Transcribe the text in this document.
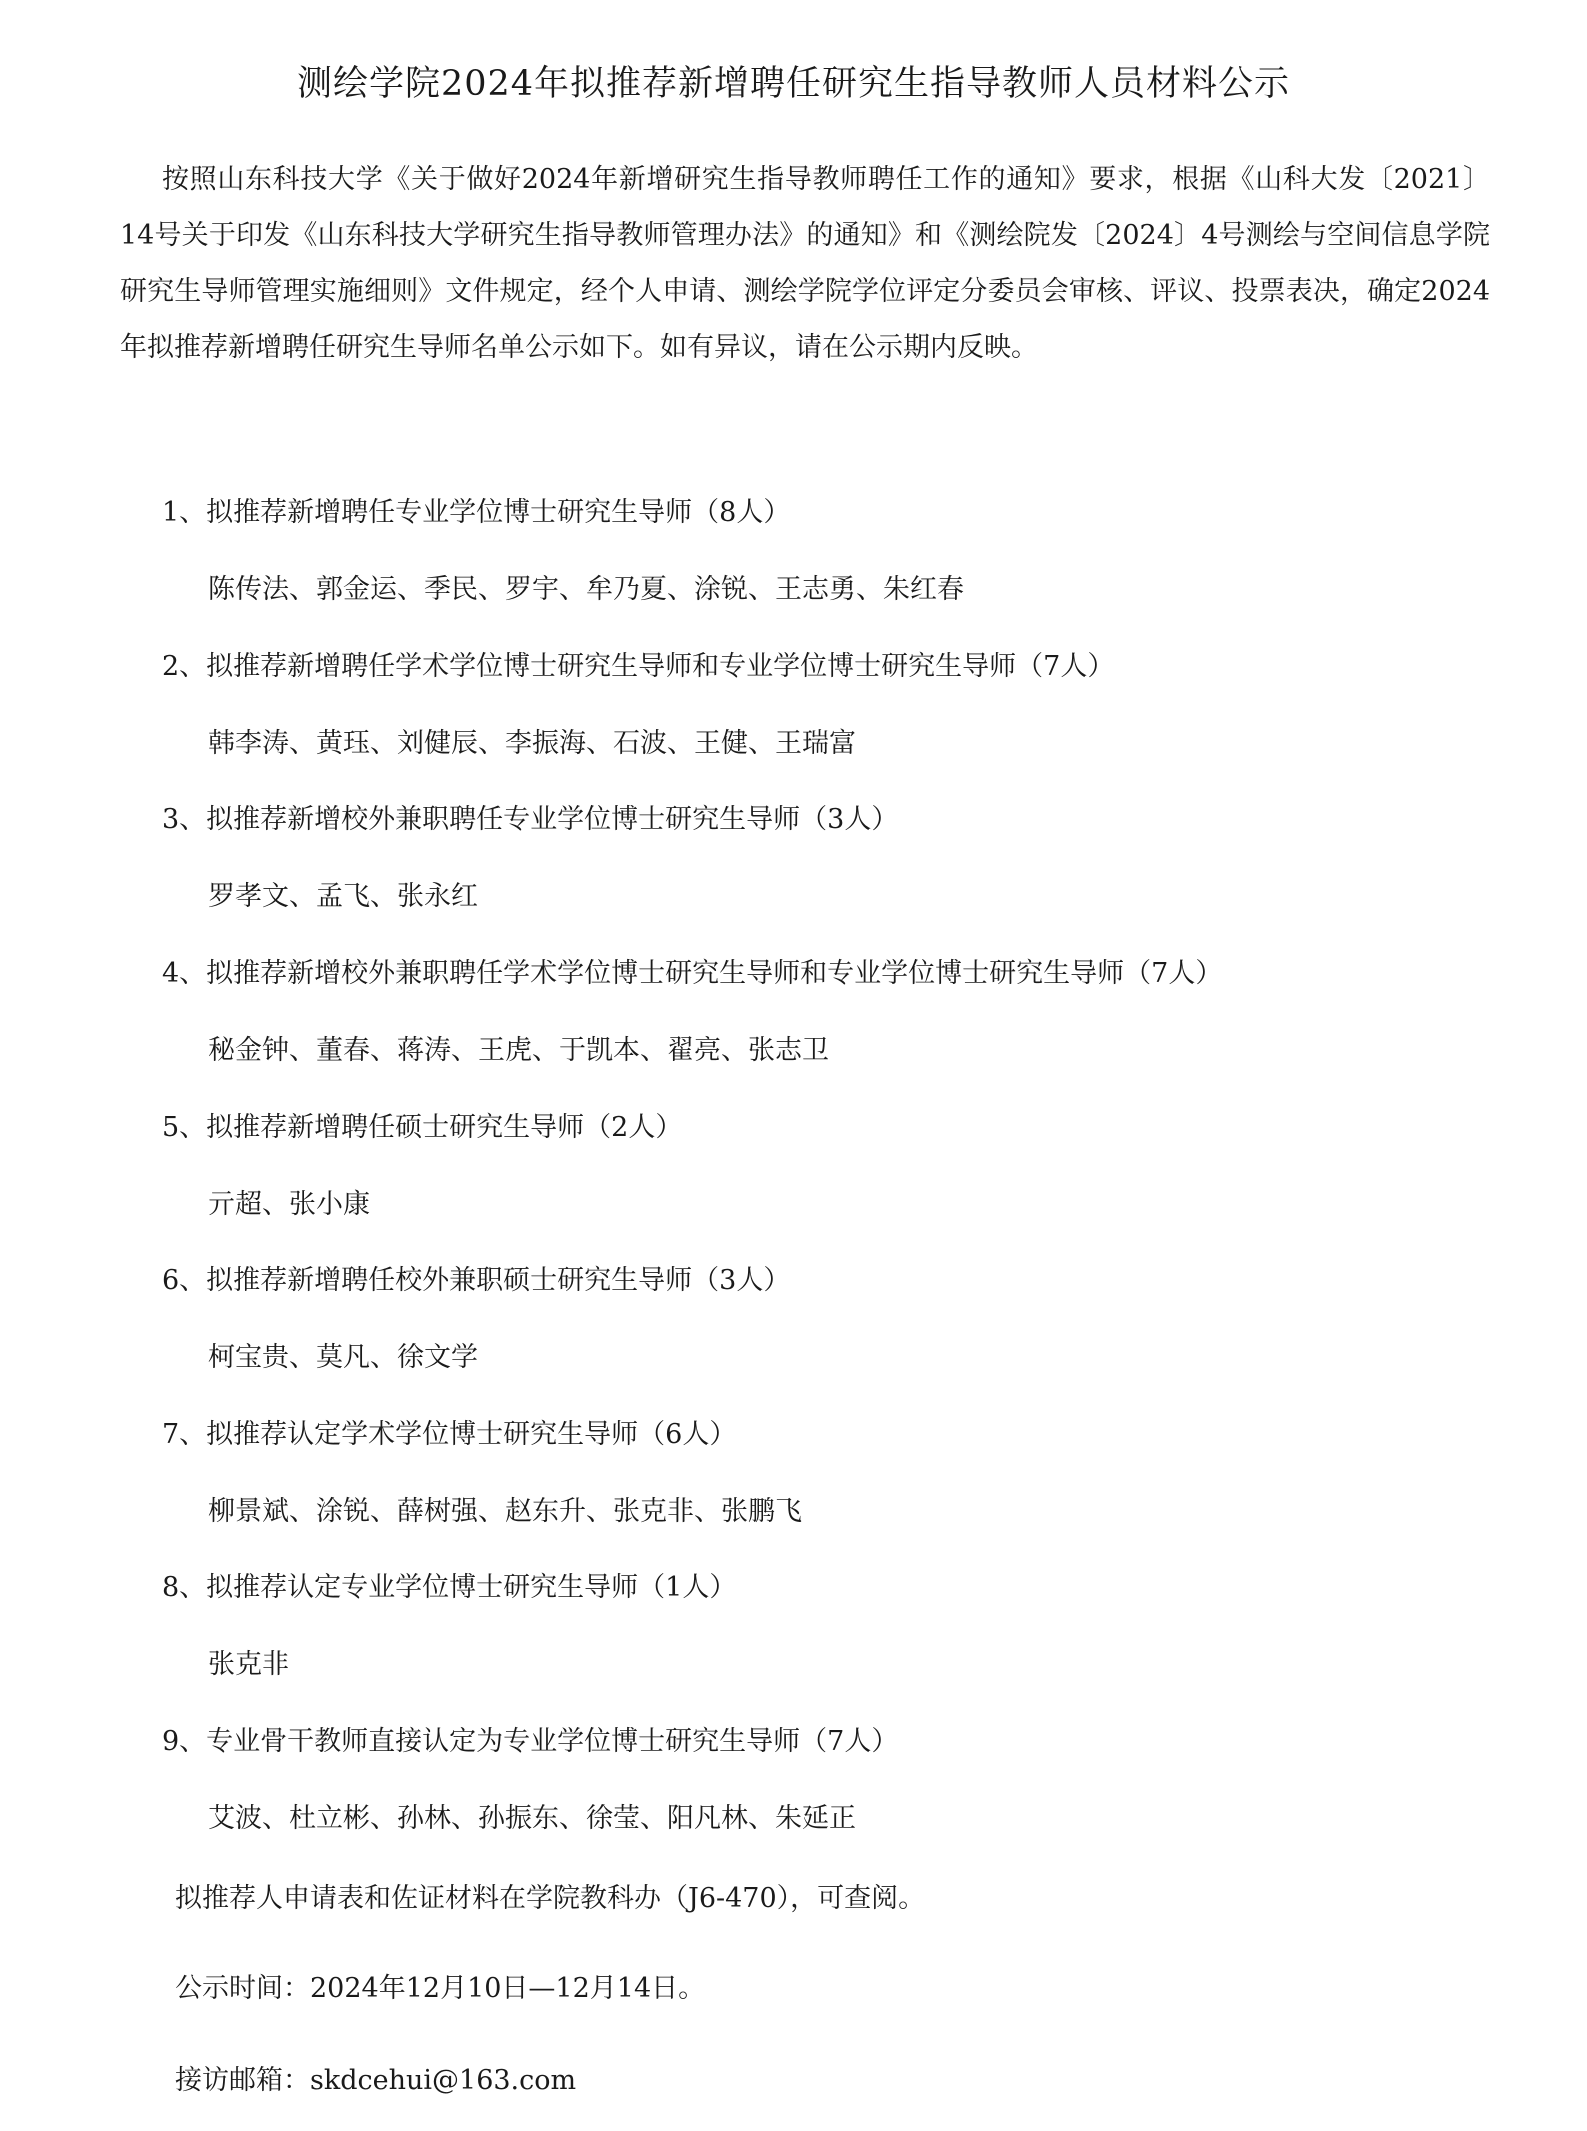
测绘学院2024年拟推荐新增聘任研究生指导教师人员材料公示

按照山东科技大学《关于做好2024年新增研究生指导教师聘任工作的通知》要求，根据《山科大发〔2021〕14号关于印发《山东科技大学研究生指导教师管理办法》的通知》和《测绘院发〔2024〕4号测绘与空间信息学院研究生导师管理实施细则》文件规定，经个人申请、测绘学院学位评定分委员会审核、评议、投票表决，确定2024年拟推荐新增聘任研究生导师名单公示如下。如有异议，请在公示期内反映。

1、拟推荐新增聘任专业学位博士研究生导师（8人）
陈传法、郭金运、季民、罗宇、牟乃夏、涂锐、王志勇、朱红春
2、拟推荐新增聘任学术学位博士研究生导师和专业学位博士研究生导师（7人）
韩李涛、黄珏、刘健辰、李振海、石波、王健、王瑞富
3、拟推荐新增校外兼职聘任专业学位博士研究生导师（3人）
罗孝文、孟飞、张永红
4、拟推荐新增校外兼职聘任学术学位博士研究生导师和专业学位博士研究生导师（7人）
秘金钟、董春、蒋涛、王虎、于凯本、翟亮、张志卫
5、拟推荐新增聘任硕士研究生导师（2人）
亓超、张小康
6、拟推荐新增聘任校外兼职硕士研究生导师（3人）
柯宝贵、莫凡、徐文学
7、拟推荐认定学术学位博士研究生导师（6人）
柳景斌、涂锐、薛树强、赵东升、张克非、张鹏飞
8、拟推荐认定专业学位博士研究生导师（1人）
张克非
9、专业骨干教师直接认定为专业学位博士研究生导师（7人）
艾波、杜立彬、孙林、孙振东、徐莹、阳凡林、朱延正
拟推荐人申请表和佐证材料在学院教科办（J6-470），可查阅。
公示时间：2024年12月10日—12月14日。
接访邮箱：skdcehui@163.com
